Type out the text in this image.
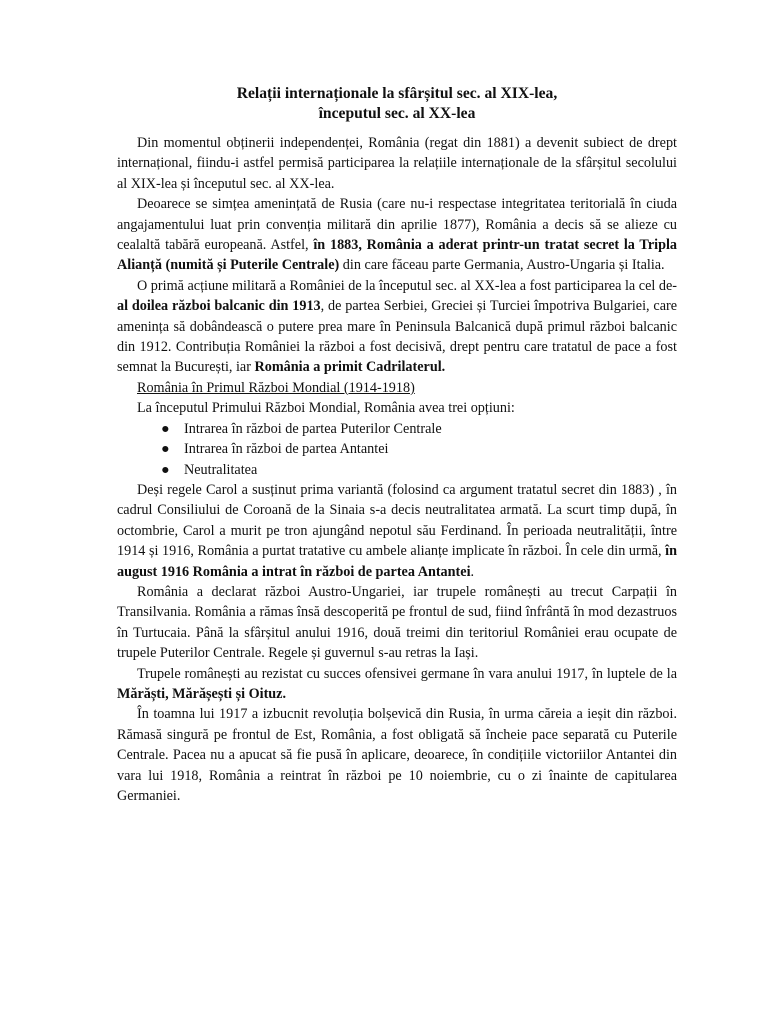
Relații internaționale la sfârșitul sec. al XIX-lea,
începutul sec. al XX-lea

Din momentul obținerii independenței, România (regat din 1881) a devenit subiect de drept internațional, fiindu-i astfel permisă participarea la relațiile internaționale de la sfârșitul secolului al XIX-lea și începutul sec. al XX-lea.

Deoarece se simțea amenințată de Rusia (care nu-i respectase integritatea teritorială în ciuda angajamentului luat prin convenția militară din aprilie 1877), România a decis să se alieze cu cealaltă tabără europeană. Astfel, în 1883, România a aderat printr-un tratat secret la Tripla Alianță (numită și Puterile Centrale) din care făceau parte Germania, Austro-Ungaria și Italia.

O primă acțiune militară a României de la începutul sec. al XX-lea a fost participarea la cel de-al doilea război balcanic din 1913, de partea Serbiei, Greciei și Turciei împotriva Bulgariei, care amenința să dobândească o putere prea mare în Peninsula Balcanică după primul război balcanic din 1912. Contribuția României la război a fost decisivă, drept pentru care tratatul de pace a fost semnat la București, iar România a primit Cadrilaterul.

România în Primul Război Mondial (1914-1918)

La începutul Primului Război Mondial, România avea trei opțiuni:

● Intrarea în război de partea Puterilor Centrale
● Intrarea în război de partea Antantei
● Neutralitatea

Deși regele Carol a susținut prima variantă (folosind ca argument tratatul secret din 1883) , în cadrul Consiliului de Coroană de la Sinaia s-a decis neutralitatea armată. La scurt timp după, în octombrie, Carol a murit pe tron ajungând nepotul său Ferdinand. În perioada neutralității, între 1914 și 1916, România a purtat tratative cu ambele alianțe implicate în război. În cele din urmă, în august 1916 România a intrat în război de partea Antantei.

România a declarat război Austro-Ungariei, iar trupele românești au trecut Carpații în Transilvania. România a rămas însă descoperită pe frontul de sud, fiind înfrântă în mod dezastruos în Turtucaia. Până la sfârșitul anului 1916, două treimi din teritoriul României erau ocupate de trupele Puterilor Centrale. Regele și guvernul s-au retras la Iași.

Trupele românești au rezistat cu succes ofensivei germane în vara anului 1917, în luptele de la Mărăști, Mărășești și Oituz.

În toamna lui 1917 a izbucnit revoluția bolșevică din Rusia, în urma căreia a ieșit din război. Rămasă singură pe frontul de Est, România, a fost obligată să încheie pace separată cu Puterile Centrale. Pacea nu a apucat să fie pusă în aplicare, deoarece, în condițiile victoriilor Antantei din vara lui 1918, România a reintrat în război pe 10 noiembrie, cu o zi înainte de capitularea Germaniei.
